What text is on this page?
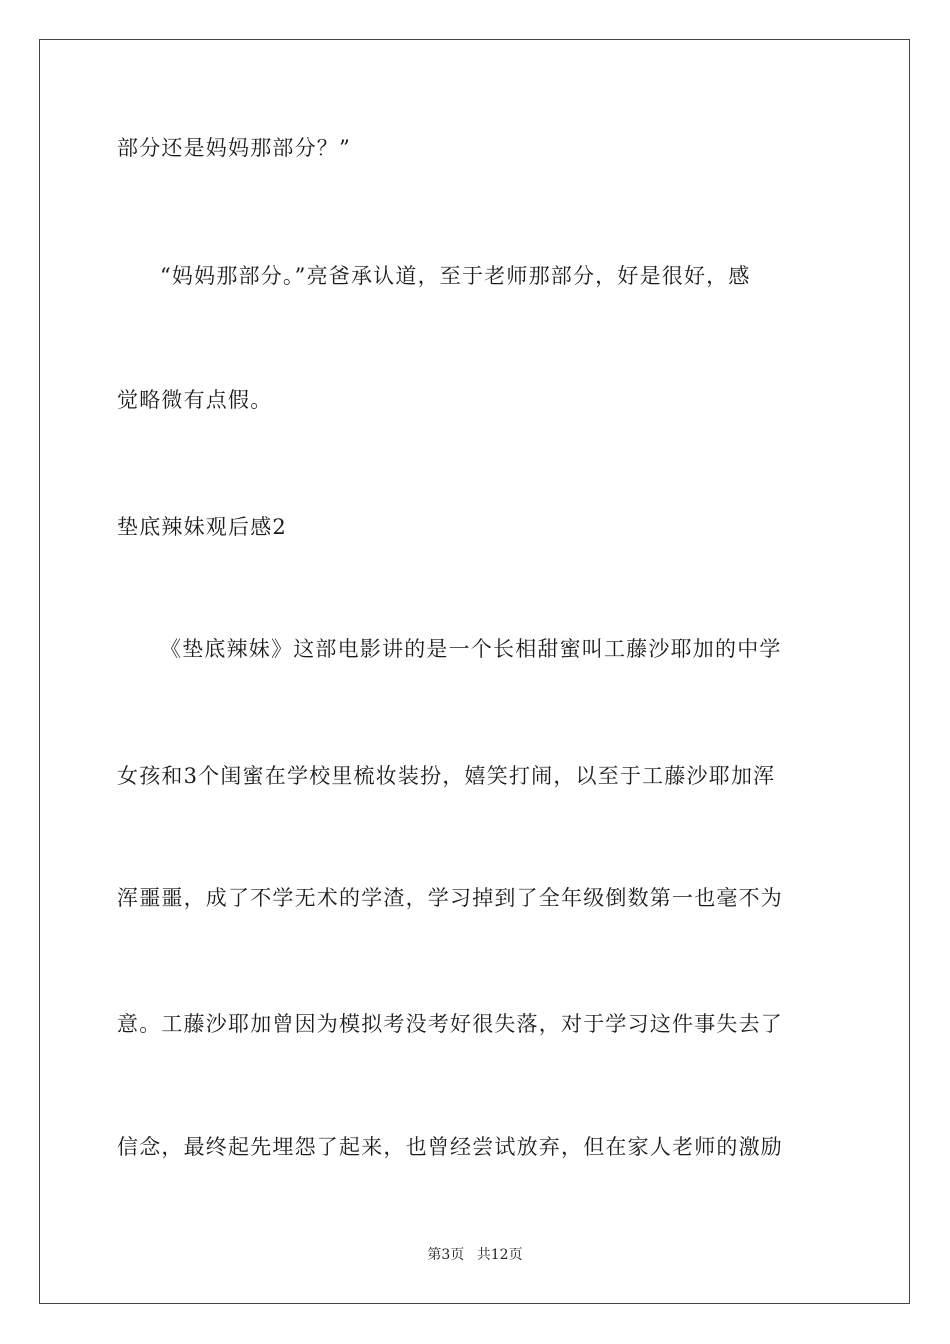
部分还是妈妈那部分？”
“妈妈那部分。”亮爸承认道，至于老师那部分，好是很好，感
觉略微有点假。
垫底辣妹观后感2
《垫底辣妹》这部电影讲的是一个长相甜蜜叫工藤沙耶加的中学
女孩和3个闺蜜在学校里梳妆装扮，嬉笑打闹，以至于工藤沙耶加浑
浑噩噩，成了不学无术的学渣，学习掉到了全年级倒数第一也毫不为
意。工藤沙耶加曾因为模拟考没考好很失落，对于学习这件事失去了
信念，最终起先埋怨了起来，也曾经尝试放弃，但在家人老师的激励
第3页 共12页
